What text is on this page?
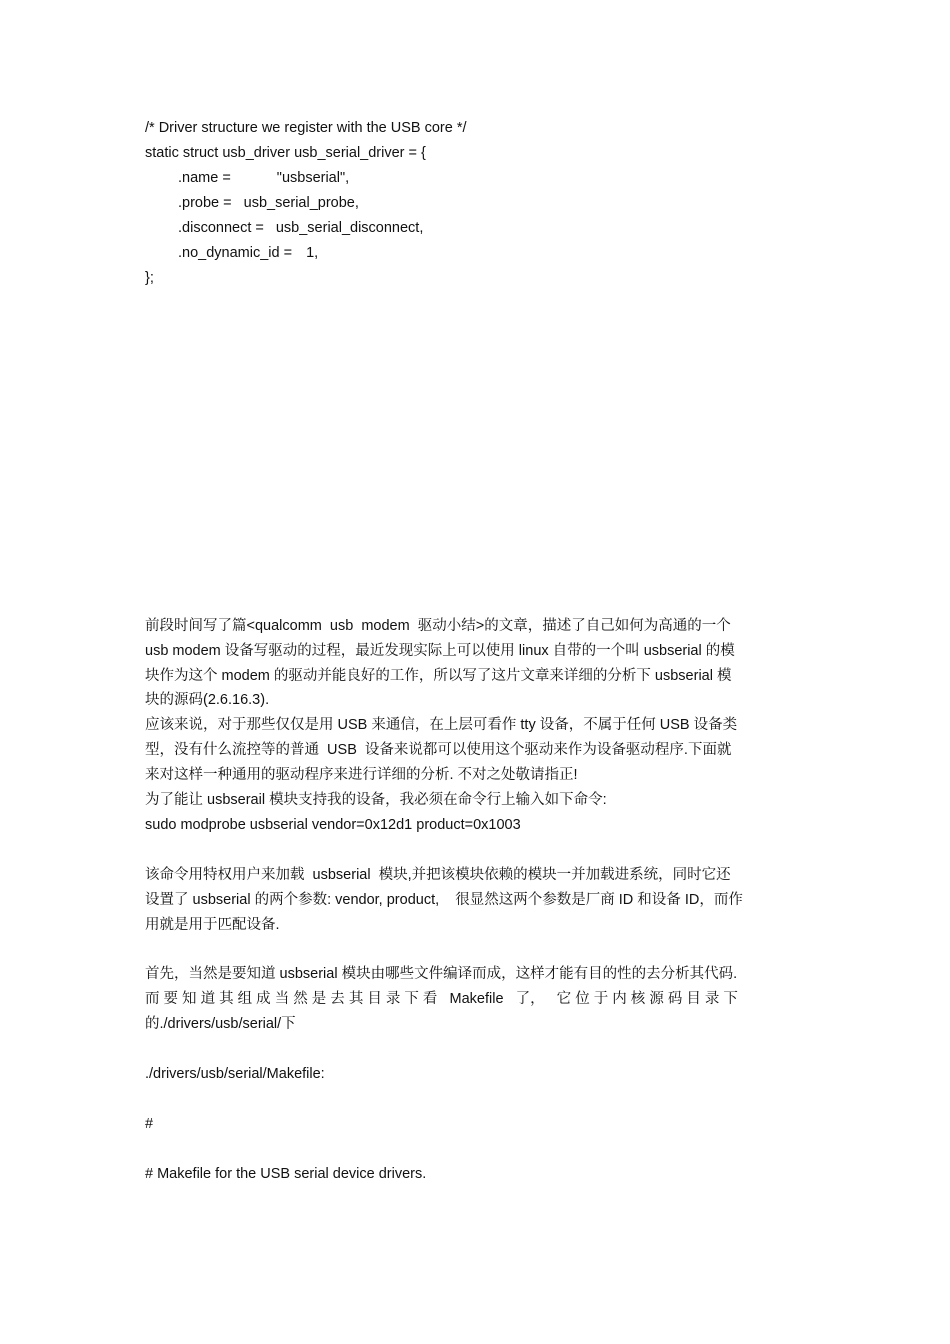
/* Driver structure we register with the USB core */

static struct usb_driver usb_serial_driver = {

.name =	"usbserial",

.probe = usb_serial_probe,

.disconnect = usb_serial_disconnect,

.no_dynamic_id = 1,

};

前段时间写了篇<qualcomm  usb  modem  驱动小结>的文章，描述了自己如何为高通的一个

usb modem 设备写驱动的过程，最近发现实际上可以使用 linux 自带的一个叫 usbserial 的模

块作为这个 modem 的驱动并能良好的工作，所以写了这片文章来详细的分析下 usbserial 模

块的源码(2.6.16.3).

应该来说，对于那些仅仅是用 USB 来通信，在上层可看作 tty 设备，不属于任何 USB 设备类

型，没有什么流控等的普通  USB  设备来说都可以使用这个驱动来作为设备驱动程序.下面就

来对这样一种通用的驱动程序来进行详细的分析. 不对之处敬请指正!

为了能让 usbserail 模块支持我的设备，我必须在命令行上输入如下命令:

sudo modprobe usbserial vendor=0x12d1 product=0x1003

该命令用特权用户来加载  usbserial  模块,并把该模块依赖的模块一并加载进系统，同时它还

设置了 usbserial 的两个参数: vendor, product,    很显然这两个参数是厂商 ID 和设备 ID，而作

用就是用于匹配设备.

首先，当然是要知道 usbserial 模块由哪些文件编译而成，这样才能有目的性的去分析其代码.

而 要 知 道 其 组 成 当 然 是 去 其 目 录 下 看   Makefile   了，   它 位 于 内 核 源 码 目 录 下

的./drivers/usb/serial/下

./drivers/usb/serial/Makefile:

#

# Makefile for the USB serial device drivers.
